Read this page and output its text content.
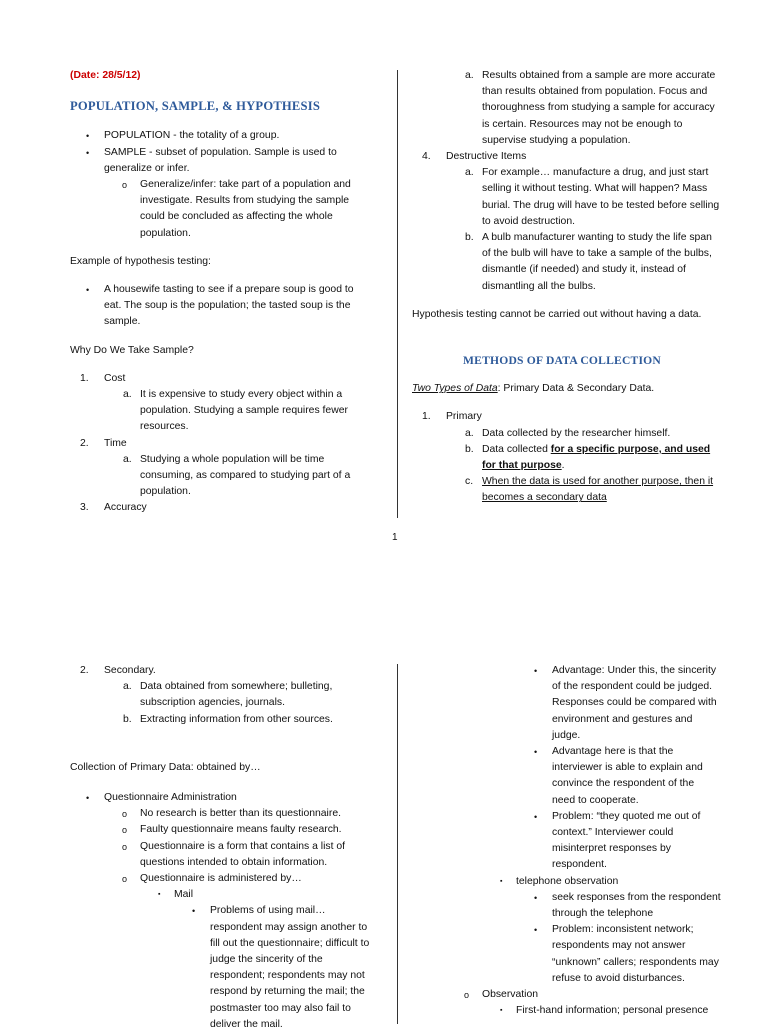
(Date: 28/5/12)

POPULATION, SAMPLE, & HYPOTHESIS

• POPULATION - the totality of a group.

• SAMPLE - subset of population. Sample is used to generalize or infer.

o Generalize/infer: take part of a population and investigate. Results from studying the sample could be concluded as affecting the whole population.

Example of hypothesis testing:

• A housewife tasting to see if a prepare soup is good to eat. The soup is the population; the tasted soup is the sample.

Why Do We Take Sample?

1. Cost

a. It is expensive to study every object within a population. Studying a sample requires fewer resources.

2. Time

a. Studying a whole population will be time consuming, as compared to studying part of a population.

3. Accuracy

a. Results obtained from a sample are more accurate than results obtained from population. Focus and thoroughness from studying a sample for accuracy is certain. Resources may not be enough to supervise studying a population.

4. Destructive Items

a. For example… manufacture a drug, and just start selling it without testing. What will happen? Mass burial. The drug will have to be tested before selling to avoid destruction.

b. A bulb manufacturer wanting to study the life span of the bulb will have to take a sample of the bulbs, dismantle (if needed) and study it, instead of dismantling all the bulbs.

Hypothesis testing cannot be carried out without having a data.

METHODS OF DATA COLLECTION

Two Types of Data: Primary Data & Secondary Data.

1. Primary

a. Data collected by the researcher himself.

b. Data collected for a specific purpose, and used for that purpose.

c. When the data is used for another purpose, then it becomes a secondary data

1
2. Secondary.

a. Data obtained from somewhere; bulleting, subscription agencies, journals.

b. Extracting information from other sources.

Collection of Primary Data: obtained by…

• Questionnaire Administration

o No research is better than its questionnaire.

o Faulty questionnaire means faulty research.

o Questionnaire is a form that contains a list of questions intended to obtain information.

o Questionnaire is administered by…

▪ Mail

• Problems of using mail… respondent may assign another to fill out the questionnaire; difficult to judge the sincerity of the respondent; respondents may not respond by returning the mail; the postmaster too may also fail to deliver the mail.

• Advantage: Under this, the sincerity of the respondent could be judged. Responses could be compared with environment and gestures and judge.

• Advantage here is that the interviewer is able to explain and convince the respondent of the need to cooperate.

• Problem: “they quoted me out of context.” Interviewer could misinterpret responses by respondent.

▪ telephone observation

• seek responses from the respondent through the telephone

• Problem: inconsistent network; respondents may not answer “unknown” callers; respondents may refuse to avoid disturbances.

o Observation

▪ First-hand information; personal presence
